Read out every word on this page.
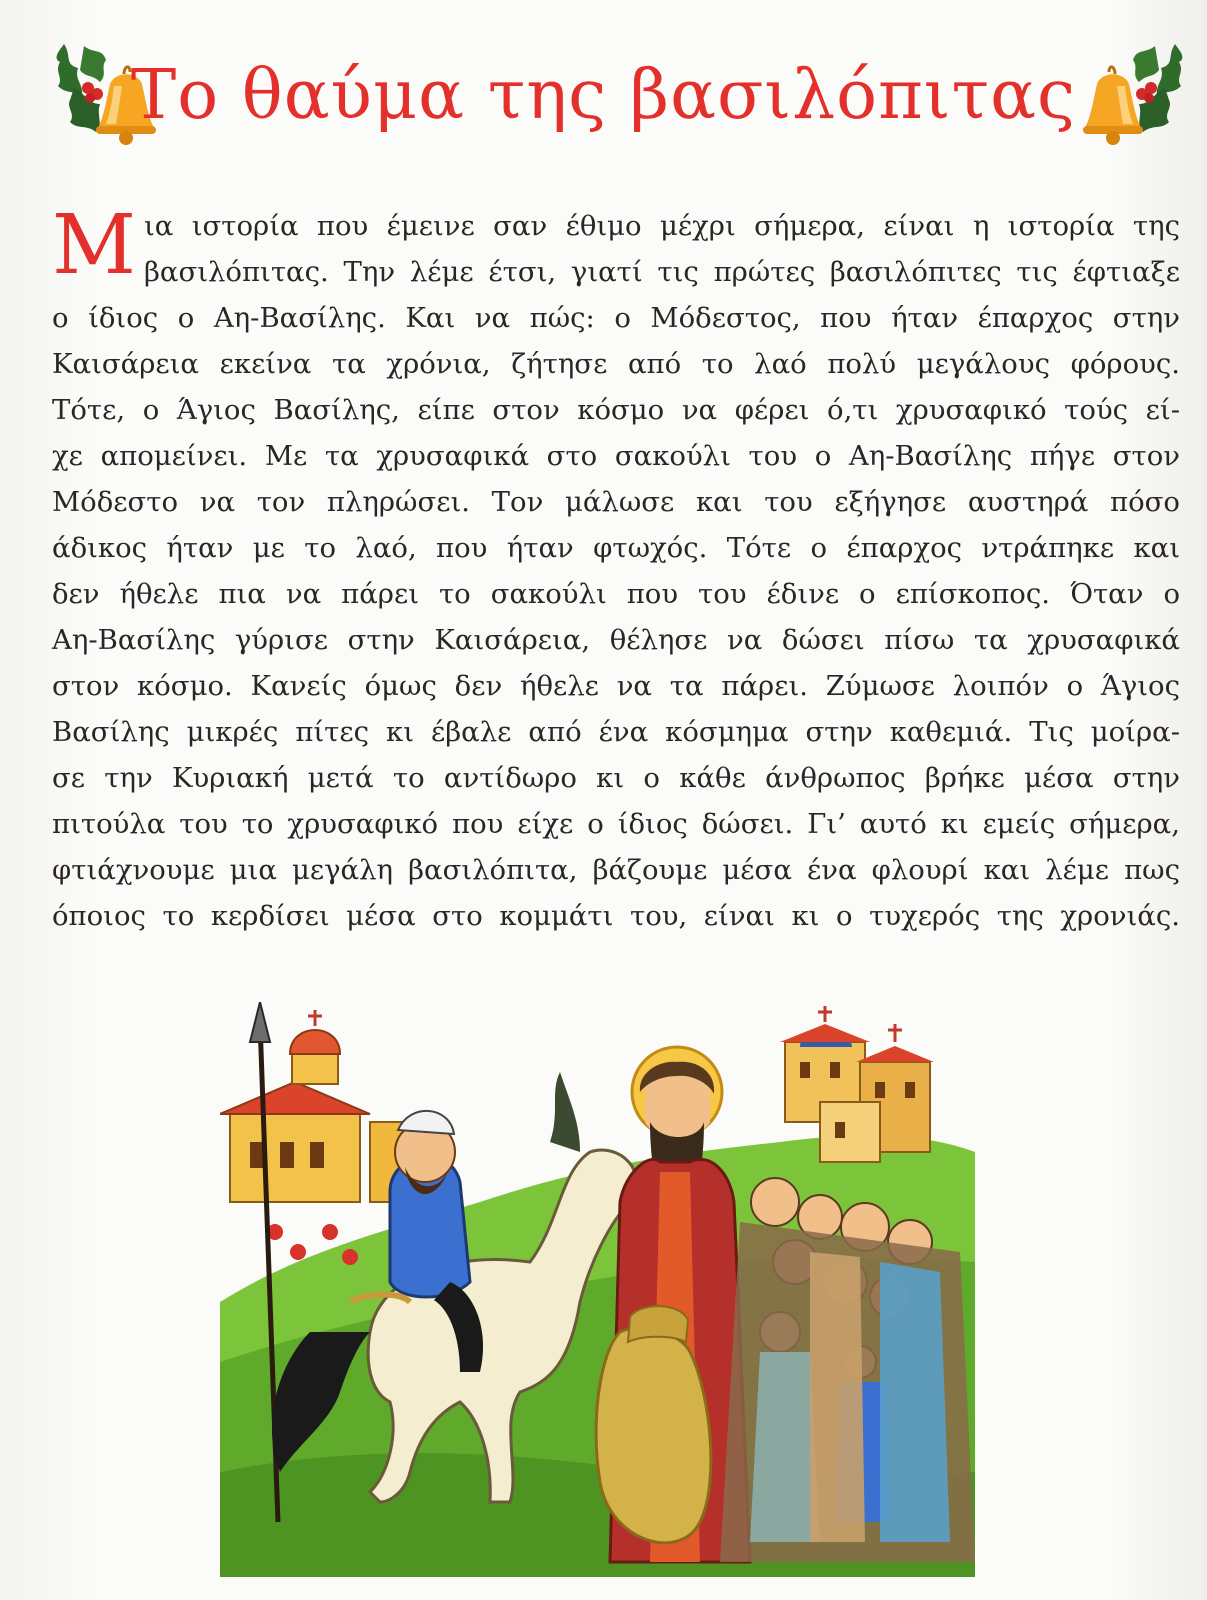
Το θαύμα της βασιλόπιτας
Μ ια ιστορία που έμεινε σαν έθιμο μέχρι σήμερα, είναι η ιστορία της
βασιλόπιτας. Την λέμε έτσι, γιατί τις πρώτες βασιλόπιτες τις έφτιαξε
ο ίδιος ο Αη-Βασίλης. Και να πώς: ο Μόδεστος, που ήταν έπαρχος στην
Καισάρεια εκείνα τα χρόνια, ζήτησε από το λαό πολύ μεγάλους φόρους.
Τότε, ο Άγιος Βασίλης, είπε στον κόσμο να φέρει ό,τι χρυσαφικό τούς εί-
χε απομείνει. Με τα χρυσαφικά στο σακούλι του ο Αη-Βασίλης πήγε στον
Μόδεστο να τον πληρώσει. Τον μάλωσε και του εξήγησε αυστηρά πόσο
άδικος ήταν με το λαό, που ήταν φτωχός. Τότε ο έπαρχος ντράπηκε και
δεν ήθελε πια να πάρει το σακούλι που του έδινε ο επίσκοπος. Όταν ο
Αη-Βασίλης γύρισε στην Καισάρεια, θέλησε να δώσει πίσω τα χρυσαφικά
στον κόσμο. Κανείς όμως δεν ήθελε να τα πάρει. Ζύμωσε λοιπόν ο Άγιος
Βασίλης μικρές πίτες κι έβαλε από ένα κόσμημα στην καθεμιά. Τις μοίρα-
σε την Κυριακή μετά το αντίδωρο κι ο κάθε άνθρωπος βρήκε μέσα στην
πιτούλα του το χρυσαφικό που είχε ο ίδιος δώσει. Γι’ αυτό κι εμείς σήμερα,
φτιάχνουμε μια μεγάλη βασιλόπιτα, βάζουμε μέσα ένα φλουρί και λέμε πως
όποιος το κερδίσει μέσα στο κομμάτι του, είναι κι ο τυχερός της χρονιάς.
